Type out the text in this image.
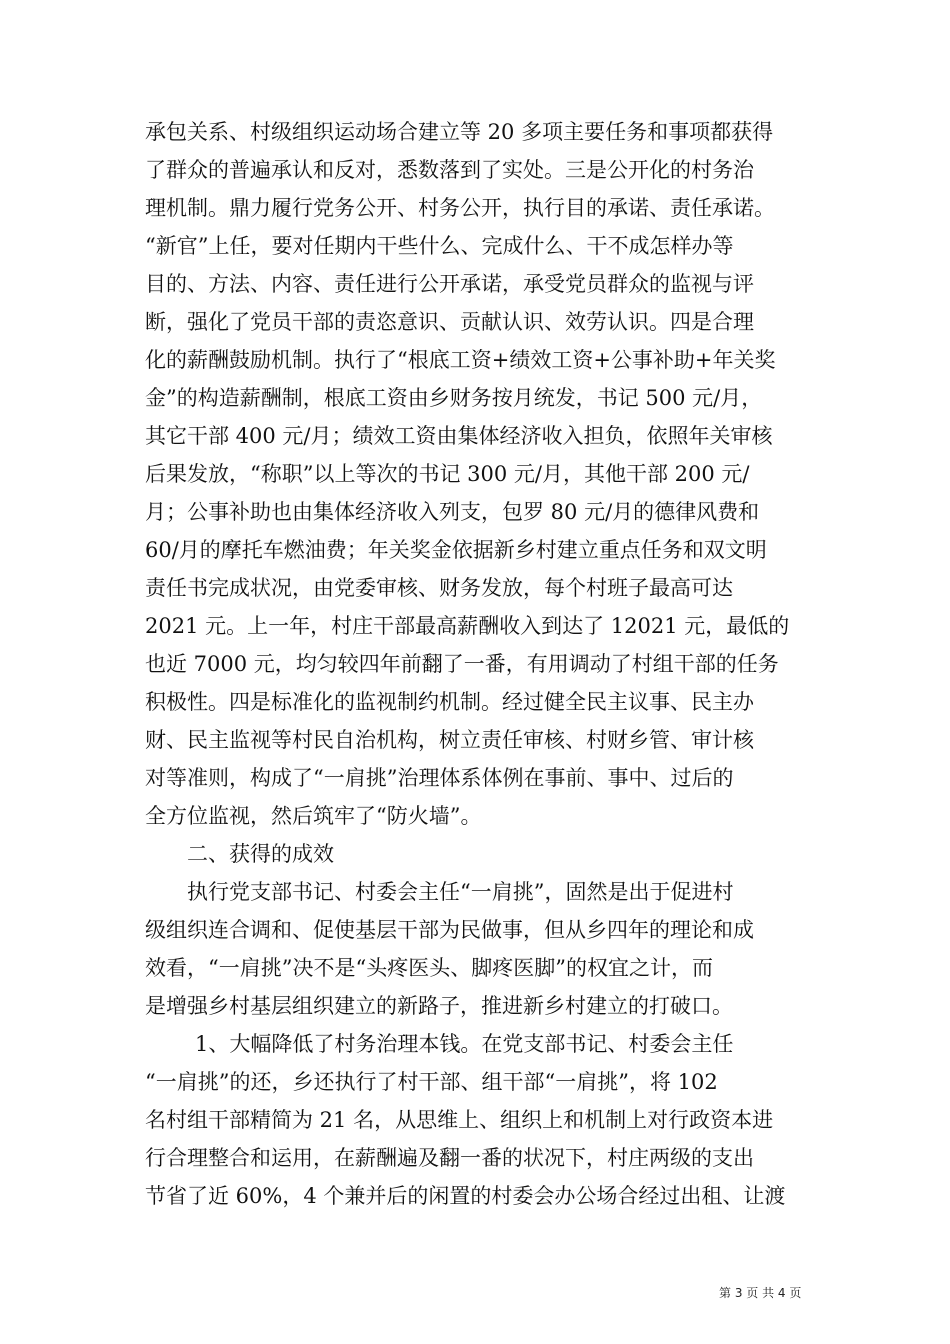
承包关系、村级组织运动场合建立等 20 多项主要任务和事项都获得
了群众的普遍承认和反对，悉数落到了实处。三是公开化的村务治
理机制。鼎力履行党务公开、村务公开，执行目的承诺、责任承诺。
“新官”上任，要对任期内干些什么、完成什么、干不成怎样办等
目的、方法、内容、责任进行公开承诺，承受党员群众的监视与评
断，强化了党员干部的责恣意识、贡献认识、效劳认识。四是合理
化的薪酬鼓励机制。执行了“根底工资+绩效工资+公事补助+年关奖
金”的构造薪酬制，根底工资由乡财务按月统发，书记 500 元/月，
其它干部 400 元/月；绩效工资由集体经济收入担负，依照年关审核
后果发放，“称职”以上等次的书记 300 元/月，其他干部 200 元/
月；公事补助也由集体经济收入列支，包罗 80 元/月的德律风费和
60/月的摩托车燃油费；年关奖金依据新乡村建立重点任务和双文明
责任书完成状况，由党委审核、财务发放，每个村班子最高可达
2021 元。上一年，村庄干部最高薪酬收入到达了 12021 元，最低的
也近 7000 元，均匀较四年前翻了一番，有用调动了村组干部的任务
积极性。四是标准化的监视制约机制。经过健全民主议事、民主办
财、民主监视等村民自治机构，树立责任审核、村财乡管、审计核
对等准则，构成了“一肩挑”治理体系体例在事前、事中、过后的
全方位监视，然后筑牢了“防火墙”。
二、获得的成效
执行党支部书记、村委会主任“一肩挑”，固然是出于促进村
级组织连合调和、促使基层干部为民做事，但从乡四年的理论和成
效看，“一肩挑”决不是“头疼医头、脚疼医脚”的权宜之计，而
是增强乡村基层组织建立的新路子，推进新乡村建立的打破口。
1、大幅降低了村务治理本钱。在党支部书记、村委会主任
“一肩挑”的还，乡还执行了村干部、组干部“一肩挑”，将 102
名村组干部精简为 21 名，从思维上、组织上和机制上对行政资本进
行合理整合和运用，在薪酬遍及翻一番的状况下，村庄两级的支出
节省了近 60%，4 个兼并后的闲置的村委会办公场合经过出租、让渡
第 3 页 共 4 页
